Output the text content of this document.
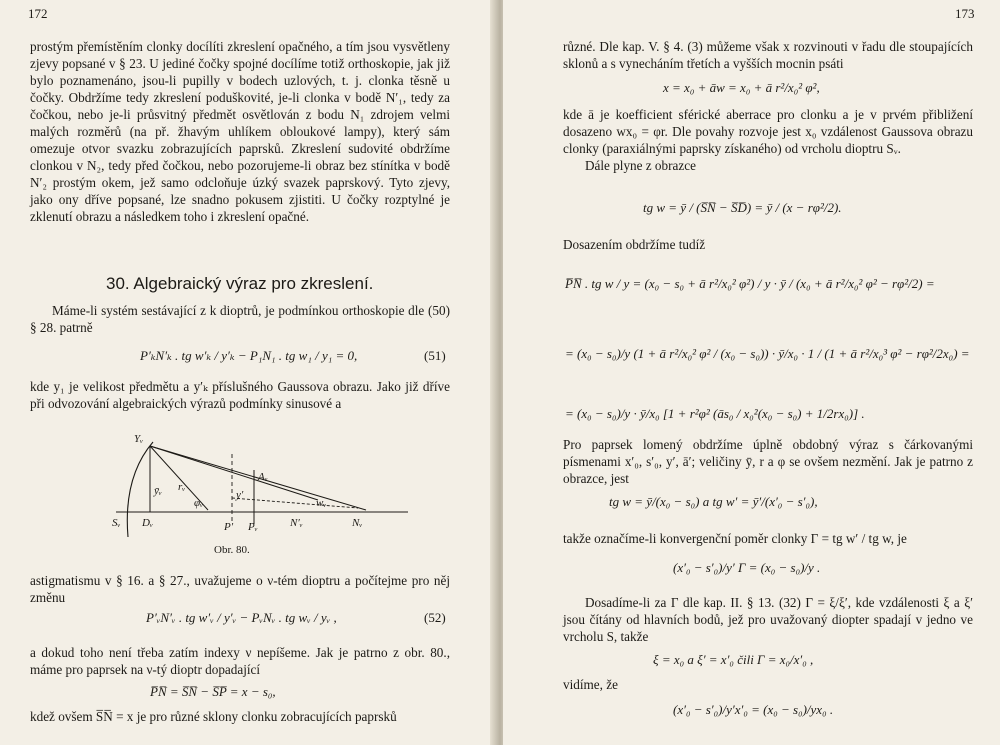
172

prostým přemístěním clonky docílíti zkreslení opačného, a tím jsou vysvětleny zjevy popsané v § 23. U jediné čočky spojné docílíme totiž orthoskopie, jak již bylo poznamenáno, jsou-li pupilly v bodech uzlových, t. j. clonka těsně u čočky. Obdržíme tedy zkreslení poduškovité, je-li clonka v bodě N′₁, tedy za čočkou, nebo je-li průsvitný předmět osvětlován z bodu N₁ zdrojem velmi malých rozměrů (na př. žhavým uhlíkem obloukové lampy), který sám omezuje otvor svazku zobrazujících paprsků. Zkreslení sudovité obdržíme clonkou v N₂, tedy před čočkou, nebo pozorujeme-li obraz bez stínítka v bodě N′₂ prostým okem, jež samo odcloňuje úzký svazek paprskový. Tyto zjevy, jako ony dříve popsané, lze snadno pokusem zjistiti. U čočky rozptylné je zklenutí obrazu a následkem toho i zkreslení opačné.

30. Algebraický výraz pro zkreslení.

Máme-li systém sestávající z k dioptrů, je podmínkou orthoskopie dle (50) § 28. patrně

P′ₖN′ₖ . tg w′ₖ / y′ₖ − P₁N₁ . tg w₁ / y₁ = 0,	(51)

kde y₁ je velikost předmětu a y′ₖ příslušného Gaussova obrazu. Jako již dříve při odvozování algebraických výrazů podmínky sinusové a

Yᵥ
Aᵥ
ȳᵥ rᵥ
y′
φᵥ	wᵥ
Sᵥ Dᵥ	P′ Pᵥ	N′ᵥ	Nᵥ
Obr. 80.

astigmatismu v § 16. a § 27., uvažujeme o ν-tém dioptru a počítejme pro něj změnu

P′ᵥN′ᵥ . tg w′ᵥ / y′ᵥ − PᵥNᵥ . tg wᵥ / yᵥ ,	(52)

a dokud toho není třeba zatím indexy ν nepíšeme. Jak je patrno z obr. 80., máme pro paprsek na ν-tý dioptr dopadající

P̅N̅ = S̅N̅ − S̅P̅ = x − s₀,

kdež ovšem S̅N̅ = x je pro různé sklony clonku zobracujících paprsků

173

různé. Dle kap. V. § 4. (3) můžeme však x rozvinouti v řadu dle stoupajících sklonů a s vynecháním třetích a vyšších mocnin psáti

x = x₀ + āw = x₀ + ā r²/x₀² φ²,

kde ā je koefficient sférické aberrace pro clonku a je v prvém přibližení dosazeno wx₀ = φr. Dle povahy rozvoje jest x₀ vzdálenost Gaussova obrazu clonky (paraxiálnými paprsky získaného) od vrcholu dioptru Sᵥ.

Dále plyne z obrazce

tg w = ȳ / (S̅N̅ − S̅D̅) = ȳ / (x − rφ²/2).

Dosazením obdržíme tudíž

P̅N̅ . tg w / y = (x₀ − s₀ + ā r²/x₀² φ²) / y · ȳ / (x₀ + ā r²/x₀² φ² − rφ²/2) =
= (x₀ − s₀)/y (1 + ā r²/x₀² φ² / (x₀ − s₀)) · ȳ/x₀ · 1 / (1 + ā r²/x₀³ φ² − rφ²/2x₀) =
= (x₀ − s₀)/y · ȳ/x₀ [1 + r²φ² (ās₀ / x₀²(x₀ − s₀) + 1/2rx₀)] .

Pro paprsek lomený obdržíme úplně obdobný výraz s čárkovanými písmenami x′₀, s′₀, y′, ā′; veličiny ȳ, r a φ se ovšem nezmění. Jak je patrno z obrazce, jest

tg w = ȳ/(x₀ − s₀) a tg w′ = ȳ′/(x′₀ − s′₀),

takže označíme-li konvergenční poměr clonky Γ = tg w′ / tg w, je

(x′₀ − s′₀)/y′ Γ = (x₀ − s₀)/y .

Dosadíme-li za Γ dle kap. II. § 13. (32) Γ = ξ/ξ′, kde vzdálenosti ξ a ξ′ jsou čítány od hlavních bodů, jež pro uvažovaný diopter spadají v jedno ve vrcholu S, takže

ξ = x₀ a ξ′ = x′₀ čili Γ = x₀/x′₀ ,

vidíme, že

(x′₀ − s′₀)/y′x′₀ = (x₀ − s₀)/yx₀ .
